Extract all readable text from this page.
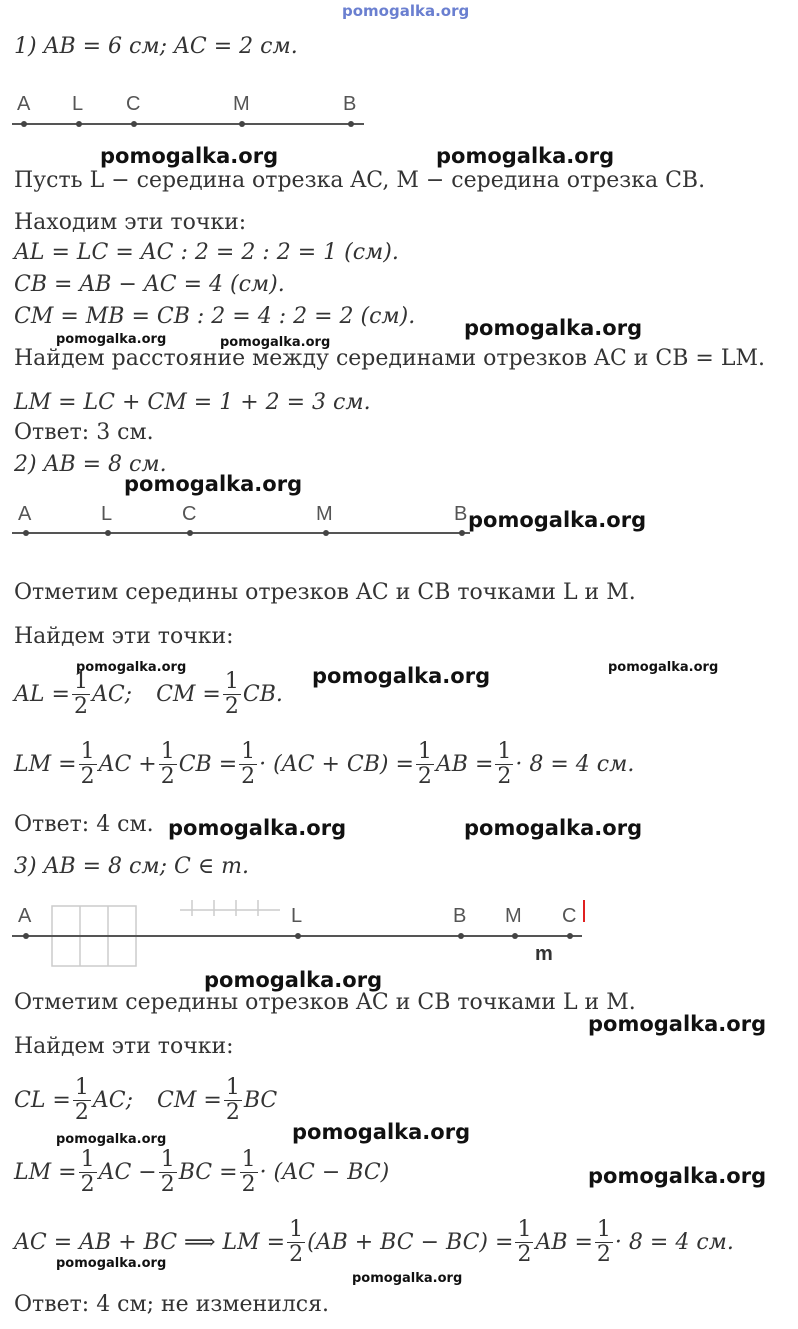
pomogalka.org
1) AB = 6 см; AC = 2 см.
A L C	M	B
pomogalka.org	pomogalka.org
Пусть L − середина отрезка AC, M − середина отрезка CB.
Находим эти точки:
AL = LC = AC : 2 = 2 : 2 = 1 (см).
CB = AB − AC = 4 (см).
CM = MB = CB : 2 = 4 : 2 = 2 (см). pomogalka.org
Найдем расстояние между серединами отрезков AC и CB = LM.
pomogalka.org	pomogalka.org
LM = LC + CM = 1 + 2 = 3 см.
Ответ: 3 см.
2) AB = 8 см.
pomogalka.org
A	L	C	M	B pomogalka.org
Отметим середины отрезков AC и CB точками L и M.
Найдем эти точки:
pomogalka.org	pomogalka.org	pomogalka.org
AL = $\frac{1}{2}$ AC; CM = $\frac{1}{2}$ CB.
LM = $\frac{1}{2}$ AC + $\frac{1}{2}$ CB = $\frac{1}{2} \cdot (AC + CB) = \frac{1}{2}$ AB = $\frac{1}{2} \cdot 8 = 4$ см.
Ответ: 4 см. pomogalka.org	pomogalka.org
3) AB = 8 см; C ∈ m.
A	L	B M C
m
pomogalka.org
Отметим середины отрезков AC и CB точками L и M.
pomogalka.org
Найдем эти точки:
CL = $\frac{1}{2}$ AC; CM = $\frac{1}{2}$ BC
pomogalka.org	pomogalka.org
LM = $\frac{1}{2}$ AC − $\frac{1}{2}$ BC = $\frac{1}{2} \cdot (AC - BC)$	pomogalka.org
AC = AB + BC ⟹ LM = $\frac{1}{2} (AB$ + BC − $BC) = \frac{1}{2}$ AB = $\frac{1}{2} \cdot 8 = 4$ см.
pomogalka.org
pomogalka.org
Ответ: 4 см; не изменился.
